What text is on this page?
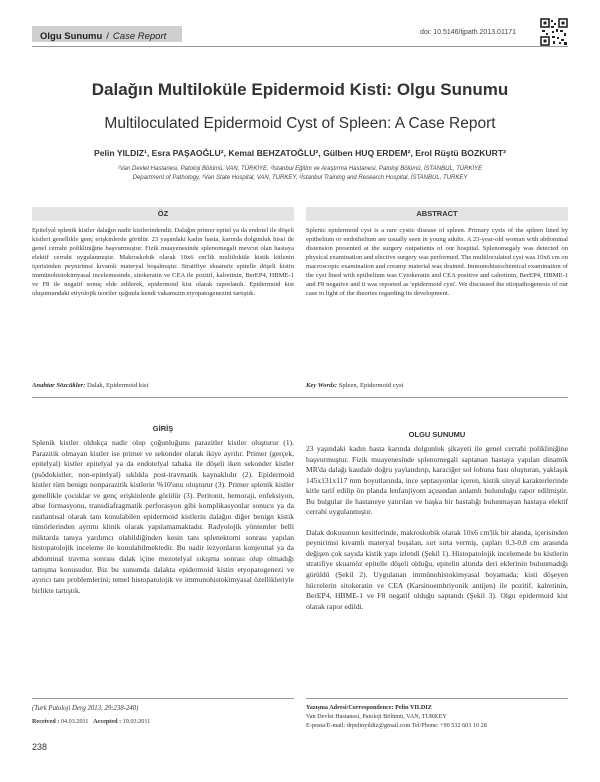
Olgu Sunumu / Case Report	doi: 10.5146/tjpath.2013.01171
Dalağın Multiloküle Epidermoid Kisti: Olgu Sunumu
Multiloculated Epidermoid Cyst of Spleen: A Case Report
Pelin YILDIZ¹, Esra PAŞAOĞLU², Kemal BEHZATOĞLU², Gülben HUQ ERDEM², Erol Rüştü BOZKURT²
¹Van Devlet Hastanesi, Patoloji Bölümü, VAN, TÜRKİYE, ²İstanbul Eğitim ve Araştırma Hastanesi, Patoloji Bölümü, İSTANBUL, TÜRKİYE
Department of Pathology, ¹Van State Hospital, VAN, TURKEY, ²İstanbul Training and Research Hospital, İSTANBUL, TURKEY
ÖZ	ABSTRACT
Epitelyal splenik kistler dalağın nadir kistlerindendir. Dalağın primer epitel ya da endotel ile döşeli kistleri genellikle genç erişkinlerde görülür. 23 yaşındaki kadın hasta, karında dolgunluk hissi ile genel cerrahi polikliniğine başvurmuştur. Fizik muayenesinde splenomegali mevcut olan hastaya elektif cerrahi uygulanmıştır. Makroskobik olarak 10x6 cm'lik multiloküle kistik kitlenin içerisinden peynirimsi kıvamlı materyal boşalmıştır. Stratifiye skuamöz epitelle döşeli kistin immünohistokimyasal incelemesinde, sitokeratin ve CEA ile pozitif, kalretinin, BerEP4, HBME-1 ve F8 ile negatif sonuç elde edilerek, epidermoid kist olarak raporlandı. Epidermoid kist oluşumundaki etiyolojik teoriler ışığında kendi vakamızın etyopatogenezini tartıştık.
Splenic epidermoid cyst is a rare cystic disease of spleen. Primary cysts of the spleen lined by epithelium or endothelium are usually seen in young adults. A 23-year-old woman with abdominal distension presented at the surgery outpatients of our hospital. Splenomegaly was detected on physical examination and elective surgery was performed. The multiloculated cyst was 10x6 cm on macroscopic examination and creamy material was drained. Immunohistochemical examination of the cyst lined with epithelium was Cytokeratin and CEA positive and calretinin, BerEP4, HBME-1 and F8 negative and it was reported as 'epidermoid cyst'. We discussed the etiopathogenesis of our case in light of the theories regarding its development.
Anahtar Sözcükler: Dalak, Epidermoid kist	Key Words: Spleen, Epidermoid cyst
GİRİŞ
OLGU SUNUMU

Splenik kistler oldukça nadir olup çoğunluğunu parazitler kistler oluşturur (1). Parazitik olmayan kistler ise primer ve sekonder olarak ikiye ayrılır. Primer (gerçek, epitelyal) kistler epitelyal ya da endotelyal tabaka ile döşeli iken sekonder kistler (psödokistler, non-epitelyal) sıklıkla post-travmatik kaynaklıdır (2). Epidermoid kistler tüm benign nonparazitik kistlerin %10'unu oluşturur (3). Primer splenik kistler genellikle çocuklar ve genç erişkinlerde görülür (3). Peritonit, hemoraji, enfeksiyon, abse formasyonu, transdiafragmatik perforasyon gibi komplikasyonlar sonucu ya da rastlantısal olarak tanı konulabilen epidermoid kistlerin dalağın diğer benign kistik tümörlerinden ayrımı klinik olarak yapılamamaktadır. Radyolojik yöntemler belli miktarda tanıya yardımcı olabildiğinden kesin tanı splenektomi sonrası yapılan histopatolojik inceleme ile konulabilmektedir. Bu nadir lezyonların konjenital ya da abdominal travma sonrası dalak içine mezotelyal sıkışma sonrası olup olmadığı tartışma konusudur. Biz bu sunumda dalakta epidermoid kistin etyopatogenezi ve ayırıcı tanı problemlerini; temel histopatolojik ve immunohistokimyasal özellikleriyle birlikte tartıştık.

23 yaşındaki kadın hasta karında dolgunluk şikayeti ile genel cerrahi polikliniğine başvurmuştur. Fizik muayenesinde splenomegali saptanan hastaya yapılan dinamik MR'da dalağı kaudale doğru yaylandırıp, karaciğer sol lobuna bası oluşturan, yaklaşık 145x131x117 mm boyutlarında, ince septasyonlar içeren, kistik sinyal karakterlerinde kitle tarif edilip ön planda lenfanjiyom açısından anlamlı bulunduğu rapor edilmiştir. Bu bulgular ile hastaneye yatırılan ve başka bir hastalığı bulunmayan hastaya elektif cerrahi uygulanmıştır.

Dalak dokusunun kesitlerinde, makroskobik olarak 10x6 cm'lik bir alanda, içerisinden peynirimsi kıvamlı materyal boşalan, sırt sırta vermiş, çapları 0,3-0,8 cm arasında değişen çok sayıda kistik yapı izlendi (Şekil 1). Histopatolojik incelemede bu kistlerin stratifiye skuamöz epitelle döşeli olduğu, epitelin altında deri eklerinin bulunmadığı görüldü (Şekil 2). Uygulanan immünohistokimyasal boyamada; kisti döşeyen hücrelerin sitokeratin ve CEA (Karsinoembriyonik antijen) ile pozitif, kalretinin, BerEP4, HBME-1 ve F8 negatif olduğu saptandı (Şekil 3). Olgu epidermoid kist olarak rapor edildi.

(Turk Patoloji Derg 2013, 29:238-240)
Received : 04.03.2011 Accepted : 19.03.2011
Yazışma Adresi/Correspondence: Pelin YILDIZ
Van Devlet Hastanesi, Patoloji Bölümü, VAN, TURKEY
E-posta/E-mail: drpelinyildiz@gmail.com Tel/Phone: +90 532 603 10 28
238
